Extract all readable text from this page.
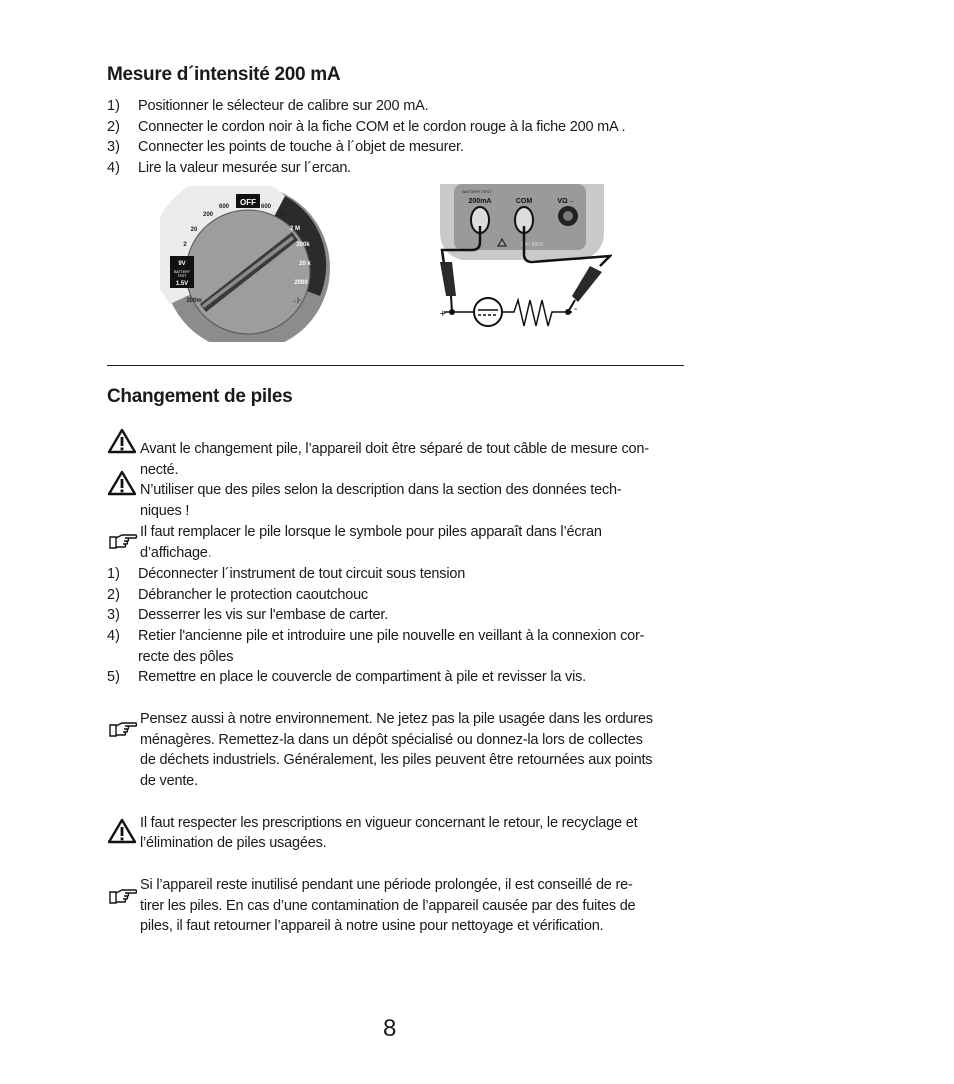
Mesure d´intensité 200 mA
1) Positionner le sélecteur de calibre sur 200 mA.
2) Connecter le cordon noir à la fiche COM et le cordon rouge à la fiche 200 mA .
3) Connecter les points de touche à l´objet de mesurer.
4) Lire la valeur mesurée sur l´ercan.
OFF
600
200
20
2
600
200
2 M
200k
20 k
2000
→|-
9V
BATTERY
TEST
1.5V
200m
BATTERY TEST
200mA	COM	VΩ→
2 A / 600V
+	-
Changement de piles
Avant le changement pile, l’appareil doit être séparé de tout câble de mesure con-
necté.
N’utiliser que des piles selon la description dans la section des données tech-
niques !
Il faut remplacer le pile lorsque le symbole pour piles apparaît dans l’écran
d’affichage.
1) Déconnecter l´instrument de tout circuit sous tension
2) Débrancher le protection caoutchouc
3) Desserrer les vis sur l'embase de carter.
4) Retier l'ancienne pile et introduire une pile nouvelle en veillant à la connexion cor-
recte des pôles
5) Remettre en place le couvercle de compartiment à pile et revisser la vis.
Pensez aussi à notre environnement. Ne jetez pas la pile usagée dans les ordures
ménagères. Remettez-la dans un dépôt spécialisé ou donnez-la lors de collectes
de déchets industriels. Généralement, les piles peuvent être retournées aux points
de vente.
Il faut respecter les prescriptions en vigueur concernant le retour, le recyclage et
l’élimination de piles usagées.
Si l’appareil reste inutilisé pendant une période prolongée, il est conseillé de re-
tirer les piles. En cas d’une contamination de l’appareil causée par des fuites de
piles, il faut retourner l’appareil à notre usine pour nettoyage et vérification.
8
